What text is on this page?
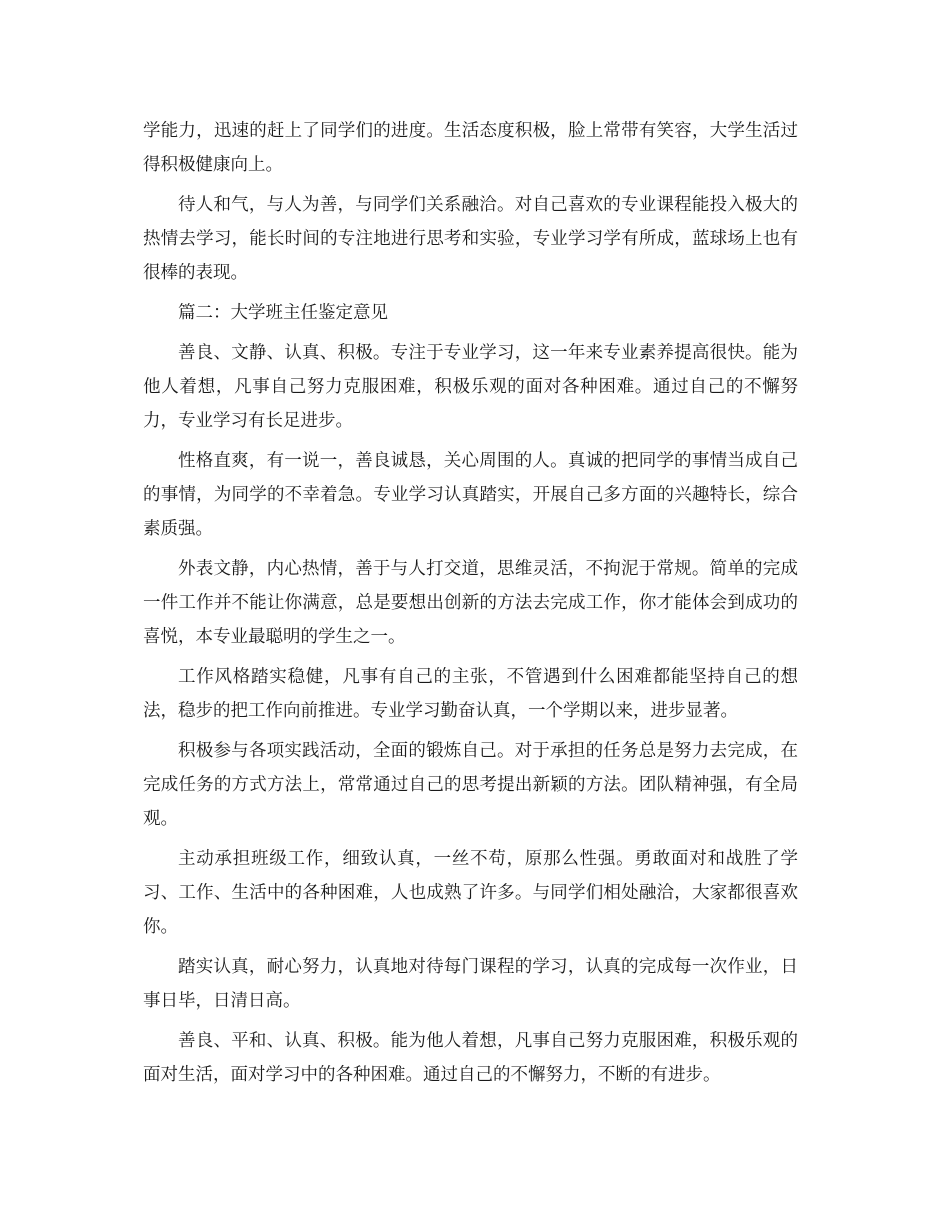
学能力，迅速的赶上了同学们的进度。生活态度积极，脸上常带有笑容，大学生活过得积极健康向上。

待人和气，与人为善，与同学们关系融洽。对自己喜欢的专业课程能投入极大的热情去学习，能长时间的专注地进行思考和实验，专业学习学有所成，蓝球场上也有很棒的表现。

篇二：大学班主任鉴定意见

善良、文静、认真、积极。专注于专业学习，这一年来专业素养提高很快。能为他人着想，凡事自己努力克服困难，积极乐观的面对各种困难。通过自己的不懈努力，专业学习有长足进步。

性格直爽，有一说一，善良诚恳，关心周围的人。真诚的把同学的事情当成自己的事情，为同学的不幸着急。专业学习认真踏实，开展自己多方面的兴趣特长，综合素质强。

外表文静，内心热情，善于与人打交道，思维灵活，不拘泥于常规。简单的完成一件工作并不能让你满意，总是要想出创新的方法去完成工作，你才能体会到成功的喜悦，本专业最聪明的学生之一。

工作风格踏实稳健，凡事有自己的主张，不管遇到什么困难都能坚持自己的想法，稳步的把工作向前推进。专业学习勤奋认真，一个学期以来，进步显著。

积极参与各项实践活动，全面的锻炼自己。对于承担的任务总是努力去完成，在完成任务的方式方法上，常常通过自己的思考提出新颖的方法。团队精神强，有全局观。

主动承担班级工作，细致认真，一丝不苟，原那么性强。勇敢面对和战胜了学习、工作、生活中的各种困难，人也成熟了许多。与同学们相处融洽，大家都很喜欢你。

踏实认真，耐心努力，认真地对待每门课程的学习，认真的完成每一次作业，日事日毕，日清日高。

善良、平和、认真、积极。能为他人着想，凡事自己努力克服困难，积极乐观的面对生活，面对学习中的各种困难。通过自己的不懈努力，不断的有进步。
